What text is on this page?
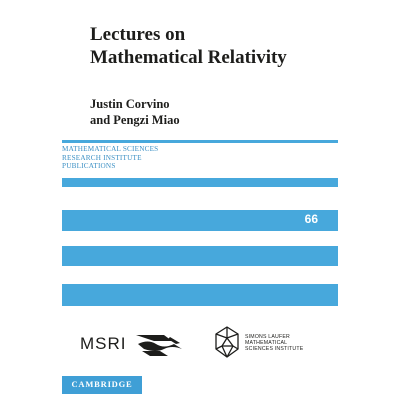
Lectures on
Mathematical Relativity
Justin Corvino
and Pengzi Miao
66
MATHEMATICAL SCIENCES
RESEARCH INSTITUTE
PUBLICATIONS
MSRI	SIMONS LAUFER
MATHEMATICAL
SCIENCES INSTITUTE
CAMBRIDGE
